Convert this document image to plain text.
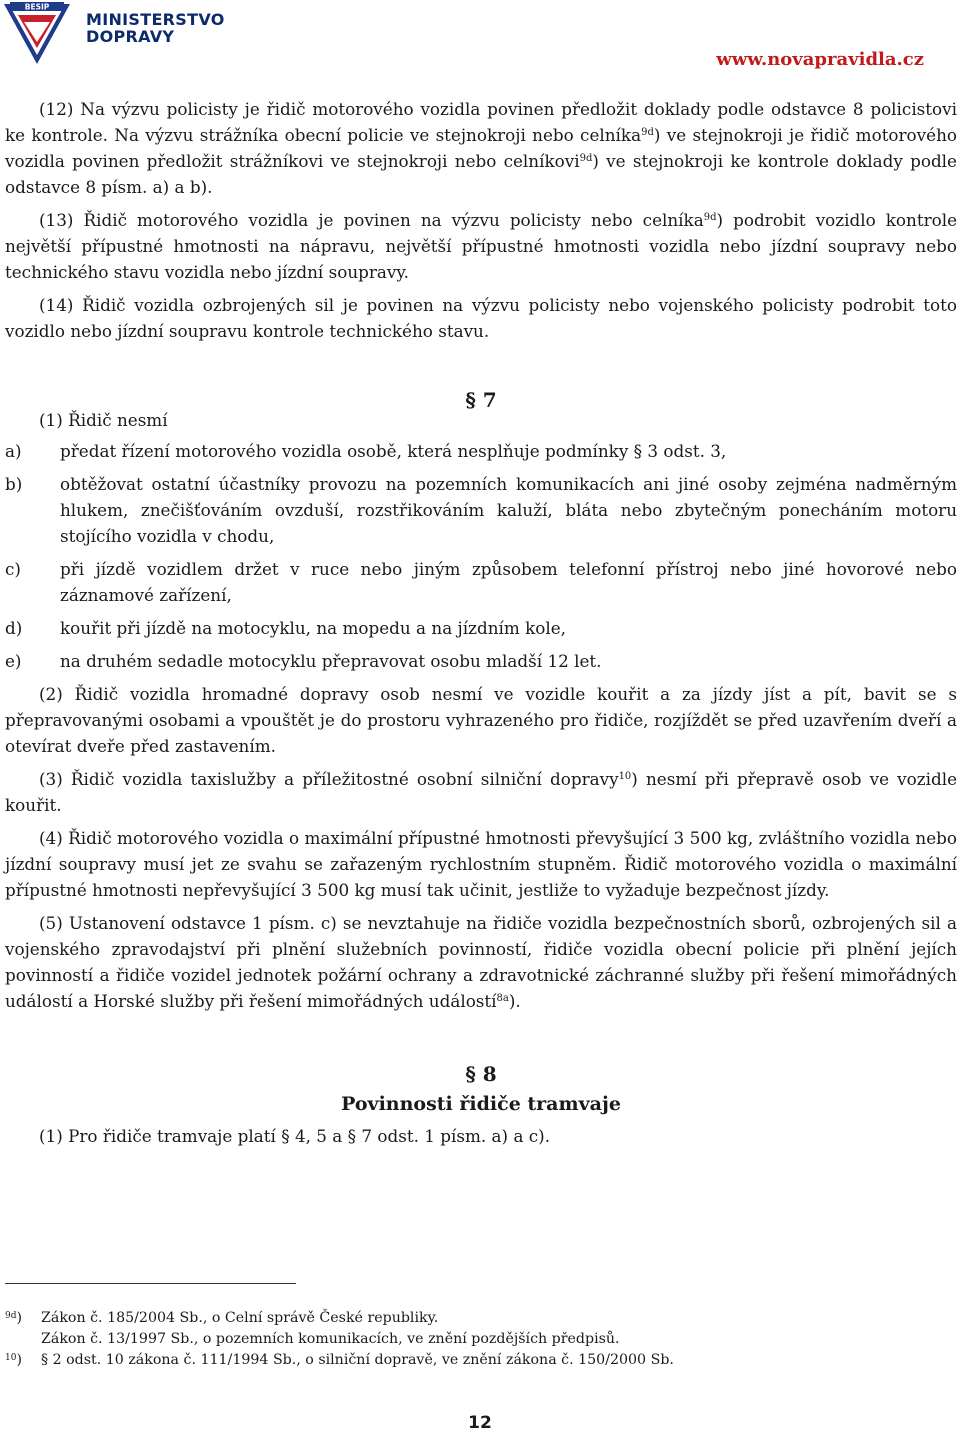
BESIP
MINISTERSTVO
DOPRAVY
www.novapravidla.cz

(12) Na výzvu policisty je řidič motorového vozidla povinen předložit doklady podle odstavce 8 policistovi ke kontrole. Na výzvu strážníka obecní policie ve stejnokroji nebo celníka$^{9d}$) ve stejnokroji je řidič motorového vozidla povinen předložit strážníkovi ve stejnokroji nebo celníkovi$^{9d}$) ve stejnokroji ke kontrole doklady podle odstavce 8 písm. a) a b).

(13) Řidič motorového vozidla je povinen na výzvu policisty nebo celníka$^{9d}$) podrobit vozidlo kontrole největší přípustné hmotnosti na nápravu, největší přípustné hmotnosti vozidla nebo jízdní soupravy nebo technického stavu vozidla nebo jízdní soupravy.

(14) Řidič vozidla ozbrojených sil je povinen na výzvu policisty nebo vojenského policisty podrobit toto vozidlo nebo jízdní soupravu kontrole technického stavu.

§ 7

(1) Řidič nesmí

a)	předat řízení motorového vozidla osobě, která nesplňuje podmínky § 3 odst. 3,
b)	obtěžovat ostatní účastníky provozu na pozemních komunikacích ani jiné osoby zejména nadměrným hlukem, znečišťováním ovzduší, rozstřikováním kaluží, bláta nebo zbytečným ponecháním motoru stojícího vozidla v chodu,
c)	při jízdě vozidlem držet v ruce nebo jiným způsobem telefonní přístroj nebo jiné hovorové nebo záznamové zařízení,
d)	kouřit při jízdě na motocyklu, na mopedu a na jízdním kole,
e)	na druhém sedadle motocyklu přepravovat osobu mladší 12 let.

(2) Řidič vozidla hromadné dopravy osob nesmí ve vozidle kouřit a za jízdy jíst a pít, bavit se s přepravovanými osobami a vpouštět je do prostoru vyhrazeného pro řidiče, rozjíždět se před uzavřením dveří a otevírat dveře před zastavením.

(3) Řidič vozidla taxislužby a příležitostné osobní silniční dopravy$^{10}$) nesmí při přepravě osob ve vozidle kouřit.

(4) Řidič motorového vozidla o maximální přípustné hmotnosti převyšující 3 500 kg, zvláštního vozidla nebo jízdní soupravy musí jet ze svahu se zařazeným rychlostním stupněm. Řidič motorového vozidla o maximální přípustné hmotnosti nepřevyšující 3 500 kg musí tak učinit, jestliže to vyžaduje bezpečnost jízdy.

(5) Ustanovení odstavce 1 písm. c) se nevztahuje na řidiče vozidla bezpečnostních sborů, ozbrojených sil a vojenského zpravodajství při plnění služebních povinností, řidiče vozidla obecní policie při plnění jejích povinností a řidiče vozidel jednotek požární ochrany a zdravotnické záchranné služby při řešení mimořádných událostí a Horské služby při řešení mimořádných událostí$^{8a}$).

§ 8

Povinnosti řidiče tramvaje

(1) Pro řidiče tramvaje platí § 4, 5 a § 7 odst. 1 písm. a) a c).

$^{9d}$)	Zákon č. 185/2004 Sb., o Celní správě České republiky.
Zákon č. 13/1997 Sb., o pozemních komunikacích, ve znění pozdějších předpisů.
$^{10}$)	§ 2 odst. 10 zákona č. 111/1994 Sb., o silniční dopravě, ve znění zákona č. 150/2000 Sb.
12
